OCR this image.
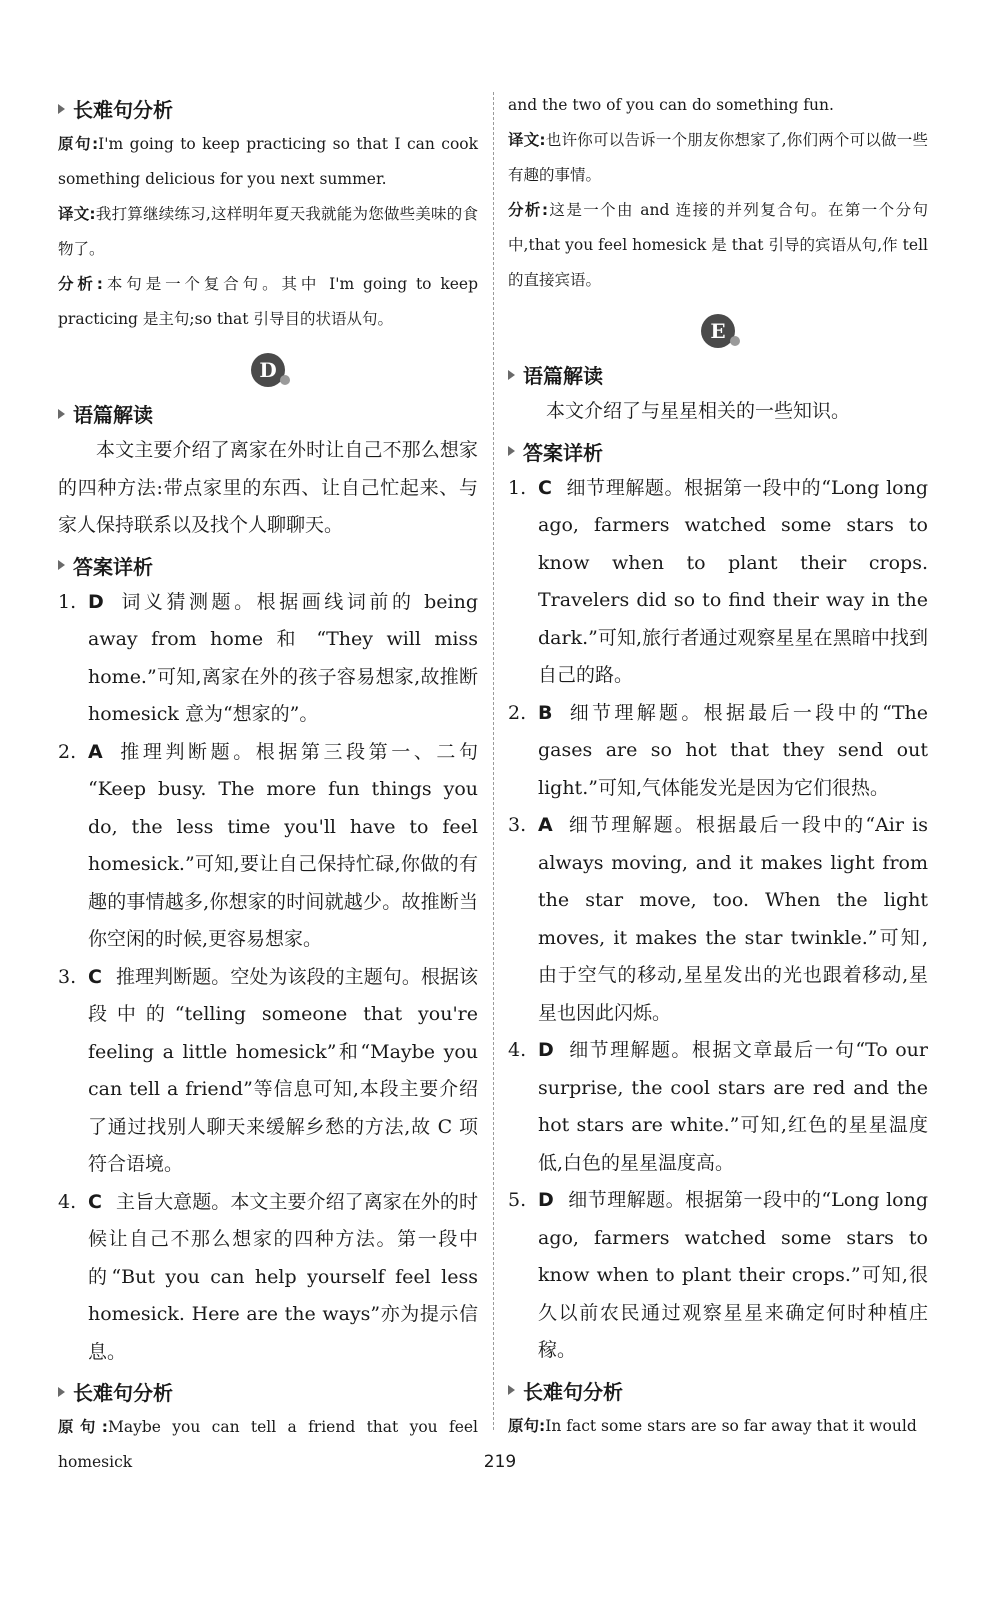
长难句分析

原句:I'm going to keep practicing so that I can cook something delicious for you next summer.

译文:我打算继续练习,这样明年夏天我就能为您做些美味的食物了。

分析:本句是一个复合句。其中 I'm going to keep practicing 是主句;so that 引导目的状语从句。

D
语篇解读

本文主要介绍了离家在外时让自己不那么想家的四种方法:带点家里的东西、让自己忙起来、与家人保持联系以及找个人聊聊天。

答案详析
1. D 词义猜测题。根据画线词前的 being away from home 和 “They will miss home.”可知,离家在外的孩子容易想家,故推断 homesick 意为“想家的”。
2. A 推理判断题。根据第三段第一、二句 “Keep busy. The more fun things you do, the less time you'll have to feel homesick.”可知,要让自己保持忙碌,你做的有趣的事情越多,你想家的时间就越少。故推断当你空闲的时候,更容易想家。
3. C 推理判断题。空处为该段的主题句。根据该段中的“telling someone that you're feeling a little homesick”和“Maybe you can tell a friend”等信息可知,本段主要介绍了通过找别人聊天来缓解乡愁的方法,故 C 项符合语境。
4. C 主旨大意题。本文主要介绍了离家在外的时候让自己不那么想家的四种方法。第一段中的“But you can help yourself feel less homesick. Here are the ways”亦为提示信息。
长难句分析

原句:Maybe you can tell a friend that you feel homesick

and the two of you can do something fun.

译文:也许你可以告诉一个朋友你想家了,你们两个可以做一些有趣的事情。

分析:这是一个由 and 连接的并列复合句。在第一个分句中,that you feel homesick 是 that 引导的宾语从句,作 tell 的直接宾语。

E
语篇解读

本文介绍了与星星相关的一些知识。

答案详析
1. C 细节理解题。根据第一段中的“Long long ago, farmers watched some stars to know when to plant their crops. Travelers did so to find their way in the dark.”可知,旅行者通过观察星星在黑暗中找到自己的路。
2. B 细节理解题。根据最后一段中的“The gases are so hot that they send out light.”可知,气体能发光是因为它们很热。
3. A 细节理解题。根据最后一段中的“Air is always moving, and it makes light from the star move, too. When the light moves, it makes the star twinkle.”可知,由于空气的移动,星星发出的光也跟着移动,星星也因此闪烁。
4. D 细节理解题。根据文章最后一句“To our surprise, the cool stars are red and the hot stars are white.”可知,红色的星星温度低,白色的星星温度高。
5. D 细节理解题。根据第一段中的“Long long ago, farmers watched some stars to know when to plant their crops.”可知,很久以前农民通过观察星星来确定何时种植庄稼。
长难句分析

原句:In fact some stars are so far away that it would

219
